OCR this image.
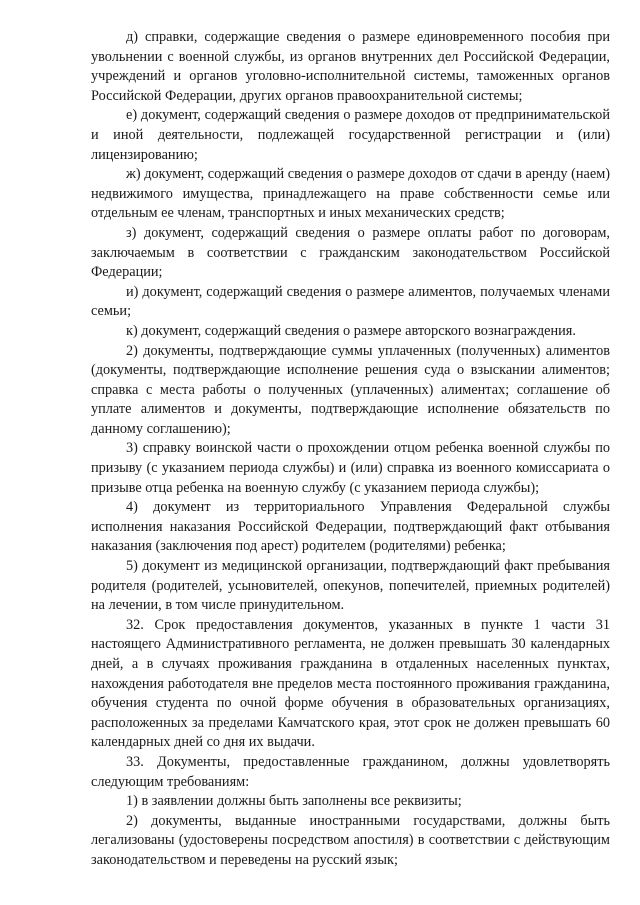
д) справки, содержащие сведения о размере единовременного пособия при увольнении с военной службы, из органов внутренних дел Российской Федерации, учреждений и органов уголовно-исполнительной системы, таможенных органов Российской Федерации, других органов правоохранительной системы;

е) документ, содержащий сведения о размере доходов от предпринимательской и иной деятельности, подлежащей государственной регистрации и (или) лицензированию;

ж) документ, содержащий сведения о размере доходов от сдачи в аренду (наем) недвижимого имущества, принадлежащего на праве собственности семье или отдельным ее членам, транспортных и иных механических средств;

з) документ, содержащий сведения о размере оплаты работ по договорам, заключаемым в соответствии с гражданским законодательством Российской Федерации;

и) документ, содержащий сведения о размере алиментов, получаемых членами семьи;

к) документ, содержащий сведения о размере авторского вознаграждения.

2) документы, подтверждающие суммы уплаченных (полученных) алиментов (документы, подтверждающие исполнение решения суда о взыскании алиментов; справка с места работы о полученных (уплаченных) алиментах; соглашение об уплате алиментов и документы, подтверждающие исполнение обязательств по данному соглашению);

3) справку воинской части о прохождении отцом ребенка военной службы по призыву (с указанием периода службы) и (или) справка из военного комиссариата о призыве отца ребенка на военную службу (с указанием периода службы);

4) документ из территориального Управления Федеральной службы исполнения наказания Российской Федерации, подтверждающий факт отбывания наказания (заключения под арест) родителем (родителями) ребенка;

5) документ из медицинской организации, подтверждающий факт пребывания родителя (родителей, усыновителей, опекунов, попечителей, приемных родителей) на лечении, в том числе принудительном.

32. Срок предоставления документов, указанных в пункте 1 части 31 настоящего Административного регламента, не должен превышать 30 календарных дней, а в случаях проживания гражданина в отдаленных населенных пунктах, нахождения работодателя вне пределов места постоянного проживания гражданина, обучения студента по очной форме обучения в образовательных организациях, расположенных за пределами Камчатского края, этот срок не должен превышать 60 календарных дней со дня их выдачи.

33. Документы, предоставленные гражданином, должны удовлетворять следующим требованиям:

1) в заявлении должны быть заполнены все реквизиты;

2) документы, выданные иностранными государствами, должны быть легализованы (удостоверены посредством апостиля) в соответствии с действующим законодательством и переведены на русский язык;
